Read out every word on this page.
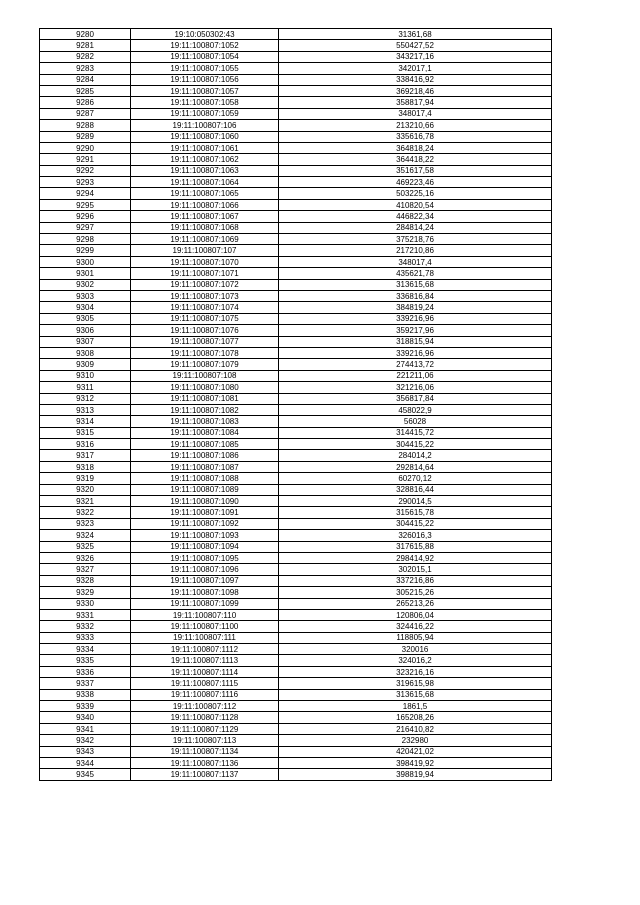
9280	19:10:050302:43	31361,68
9281	19:11:100807:1052	550427,52
9282	19:11:100807:1054	343217,16
9283	19:11:100807:1055	342017,1
9284	19:11:100807:1056	338416,92
9285	19:11:100807:1057	369218,46
9286	19:11:100807:1058	358817,94
9287	19:11:100807:1059	348017,4
9288	19:11:100807:106	213210,66
9289	19:11:100807:1060	335616,78
9290	19:11:100807:1061	364818,24
9291	19:11:100807:1062	364418,22
9292	19:11:100807:1063	351617,58
9293	19:11:100807:1064	469223,46
9294	19:11:100807:1065	503225,16
9295	19:11:100807:1066	410820,54
9296	19:11:100807:1067	446822,34
9297	19:11:100807:1068	284814,24
9298	19:11:100807:1069	375218,76
9299	19:11:100807:107	217210,86
9300	19:11:100807:1070	348017,4
9301	19:11:100807:1071	435621,78
9302	19:11:100807:1072	313615,68
9303	19:11:100807:1073	336816,84
9304	19:11:100807:1074	384819,24
9305	19:11:100807:1075	339216,96
9306	19:11:100807:1076	359217,96
9307	19:11:100807:1077	318815,94
9308	19:11:100807:1078	339216,96
9309	19:11:100807:1079	274413,72
9310	19:11:100807:108	221211,06
9311	19:11:100807:1080	321216,06
9312	19:11:100807:1081	356817,84
9313	19:11:100807:1082	458022,9
9314	19:11:100807:1083	56028
9315	19:11:100807:1084	314415,72
9316	19:11:100807:1085	304415,22
9317	19:11:100807:1086	284014,2
9318	19:11:100807:1087	292814,64
9319	19:11:100807:1088	60270,12
9320	19:11:100807:1089	328816,44
9321	19:11:100807:1090	290014,5
9322	19:11:100807:1091	315615,78
9323	19:11:100807:1092	304415,22
9324	19:11:100807:1093	326016,3
9325	19:11:100807:1094	317615,88
9326	19:11:100807:1095	298414,92
9327	19:11:100807:1096	302015,1
9328	19:11:100807:1097	337216,86
9329	19:11:100807:1098	305215,26
9330	19:11:100807:1099	265213,26
9331	19:11:100807:110	120806,04
9332	19:11:100807:1100	324416,22
9333	19:11:100807:111	118805,94
9334	19:11:100807:1112	320016
9335	19:11:100807:1113	324016,2
9336	19:11:100807:1114	323216,16
9337	19:11:100807:1115	319615,98
9338	19:11:100807:1116	313615,68
9339	19:11:100807:112	1861,5
9340	19:11:100807:1128	165208,26
9341	19:11:100807:1129	216410,82
9342	19:11:100807:113	232980
9343	19:11:100807:1134	420421,02
9344	19:11:100807:1136	398419,92
9345	19:11:100807:1137	398819,94
